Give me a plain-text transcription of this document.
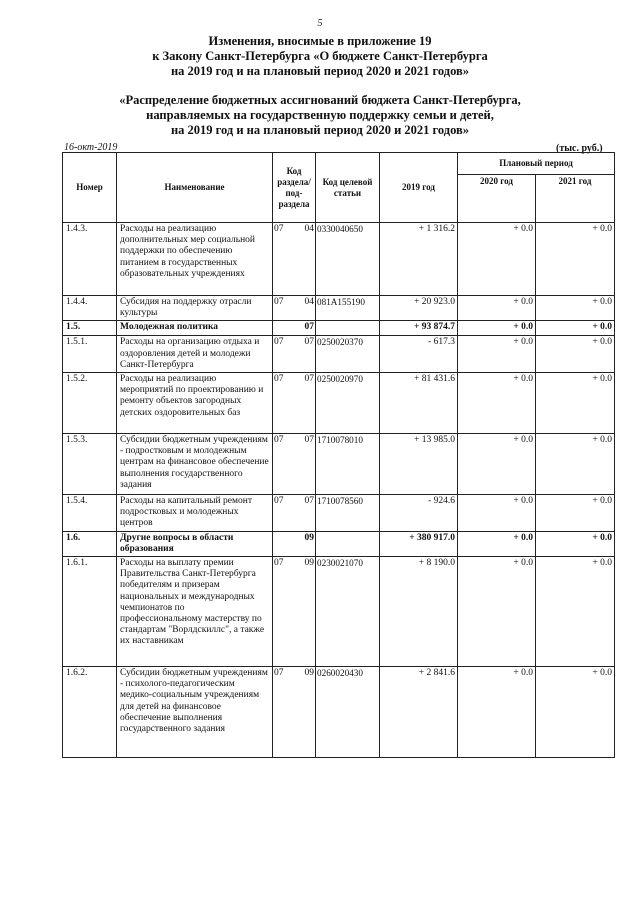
5
Изменения, вносимые в приложение 19
к Закону Санкт-Петербурга «О бюджете Санкт-Петербурга
на 2019 год и на плановый период 2020 и 2021 годов»
«Распределение бюджетных ассигнований бюджета Санкт-Петербурга,
направляемых на государственную поддержку семьи и детей,
на 2019 год и на плановый период 2020 и 2021 годов»
16-окт-2019	(тыс. руб.)
Номер	Наименование	Код раздела/ под- раздела	Код целевой статьи	2019 год	Плановый период	
					2020 год	2021 год
1.4.3.	Расходы на реализацию дополнительных мер социальной поддержки по обеспечению питанием в государственных образовательных учреждениях	07 04	0330040650	+ 1 316.2	+ 0.0	+ 0.0
1.4.4.	Субсидия на поддержку отрасли культуры	07 04	081A155190	+ 20 923.0	+ 0.0	+ 0.0
1.5.	Молодежная политика	07		+ 93 874.7	+ 0.0	+ 0.0
1.5.1.	Расходы на организацию отдыха и оздоровления детей и молодежи Санкт-Петербурга	07 07	0250020370	- 617.3	+ 0.0	+ 0.0
1.5.2.	Расходы на реализацию мероприятий по проектированию и ремонту объектов загородных детских оздоровительных баз	07 07	0250020970	+ 81 431.6	+ 0.0	+ 0.0
1.5.3.	Субсидии бюджетным учреждениям - подростковым и молодежным центрам на финансовое обеспечение выполнения государственного задания	07 07	1710078010	+ 13 985.0	+ 0.0	+ 0.0
1.5.4.	Расходы на капитальный ремонт подростковых и молодежных центров	07 07	1710078560	- 924.6	+ 0.0	+ 0.0
1.6.	Другие вопросы в области образования	09		+ 380 917.0	+ 0.0	+ 0.0
1.6.1.	Расходы на выплату премии Правительства Санкт-Петербурга победителям и призерам национальных и международных чемпионатов по профессиональному мастерству по стандартам "Ворлдскиллс", а также их наставникам	07 09	0230021070	+ 8 190.0	+ 0.0	+ 0.0
1.6.2.	Субсидии бюджетным учреждениям - психолого-педагогическим медико-социальным учреждениям для детей на финансовое обеспечение выполнения государственного задания	07 09	0260020430	+ 2 841.6	+ 0.0	+ 0.0
